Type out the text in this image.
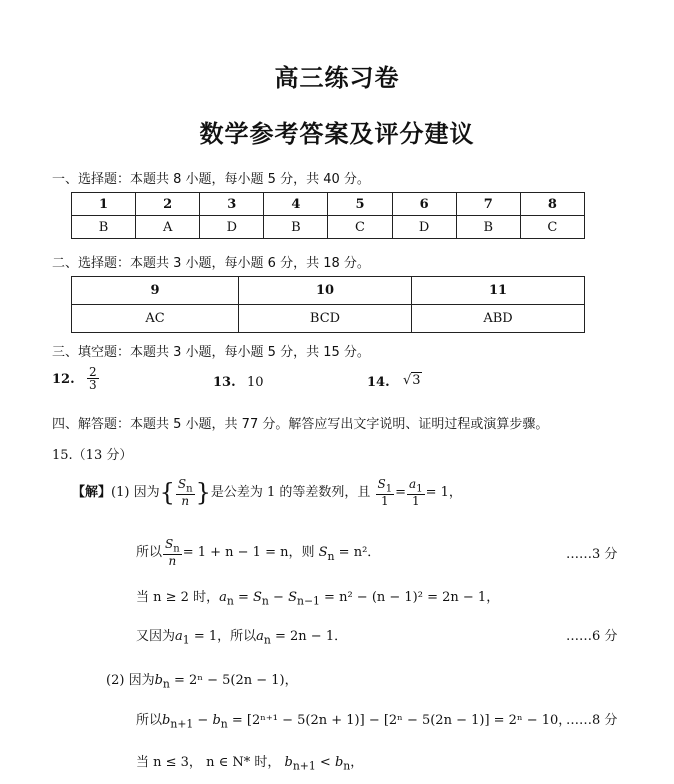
高三练习卷
数学参考答案及评分建议
一、选择题：本题共 8 小题，每小题 5 分，共 40 分。
1	2	3	4	5	6	7	8
B	A	D	B	C	D	B	C
二、选择题：本题共 3 小题，每小题 6 分，共 18 分。
9	10	11
AC	BCD	ABD
三、填空题：本题共 3 小题，每小题 5 分，共 15 分。
12. $\frac{2}{3}$	13. 10	14. √3
四、解答题：本题共 5 小题，共 77 分。解答应写出文字说明、证明过程或演算步骤。
15.（13 分）
【解】(1) 因为{ $\frac{S_n}{n}$ }是公差为 1 的等差数列，且 $\frac{S_1}{1} = \frac{a_1}{1} = 1$，
所以 $\frac{S_n}{n} = 1 + n - 1 = n$，则 $S_n = n^2$．	……3 分
当 n ≥ 2 时，$a_n = S_n - S_{n-1} = n^2 - (n - 1)^2 = 2n - 1$，
又因为$a_1 = 1$，所以$a_n = 2n - 1$．	……6 分
(2) 因为$b_n = 2^n - 5(2n - 1)$，
所以$b_{n+1} - b_n = [2^{n+1} - 5(2n + 1)] - [2^n - 5(2n - 1)] = 2^n - 10$，
……8 分
当 n ≤ 3， n ∈ N* 时， $b_{n+1} < b_n$，
